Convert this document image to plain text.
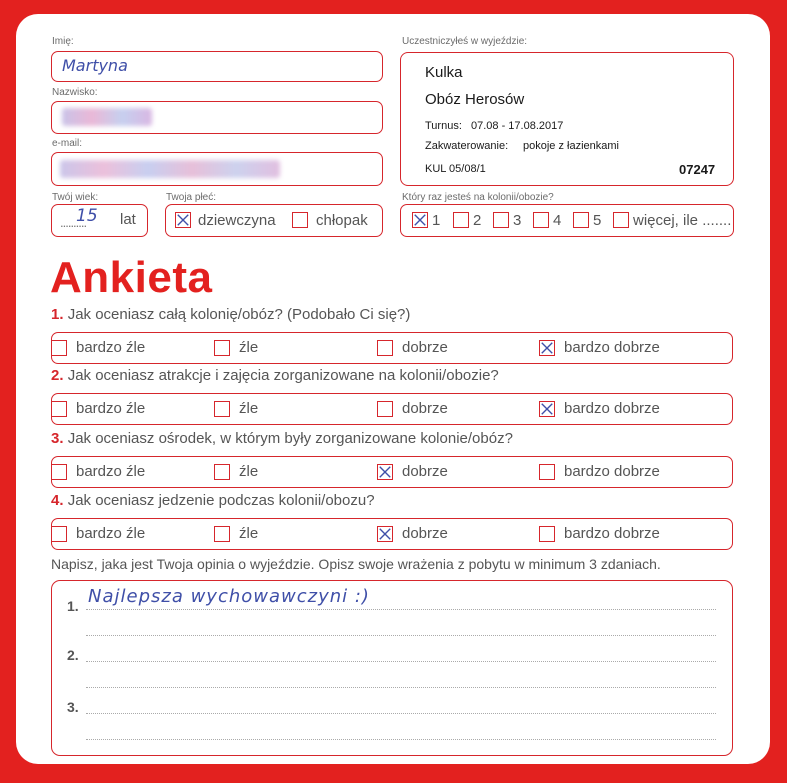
Imię:
Martyna
Nazwisko:
e-mail:
Twój wiek:
..........
15 lat
Twoja płeć:
dziewczyna	chłopak
Uczestniczyłeś w wyjeździe:
Kulka
Obóz Herosów
Turnus: 07.08 - 17.08.2017
Zakwaterowanie: pokoje z łazienkami
KUL 05/08/1	07247
Który raz jesteś na kolonii/obozie?
1 2 3 4 5 więcej, ile .......
Ankieta
1. Jak oceniasz całą kolonię/obóz? (Podobało Ci się?)
bardzo źle	źle	dobrze	bardzo dobrze
2. Jak oceniasz atrakcje i zajęcia zorganizowane na kolonii/obozie?
bardzo źle	źle	dobrze	bardzo dobrze
3. Jak oceniasz ośrodek, w którym były zorganizowane kolonie/obóz?
bardzo źle	źle	dobrze	bardzo dobrze
4. Jak oceniasz jedzenie podczas kolonii/obozu?
bardzo źle	źle	dobrze	bardzo dobrze
Napisz, jaka jest Twoja opinia o wyjeździe. Opisz swoje wrażenia z pobytu w minimum 3 zdaniach.
1. Najlepsza wychowawczyni :)
2.
3.
